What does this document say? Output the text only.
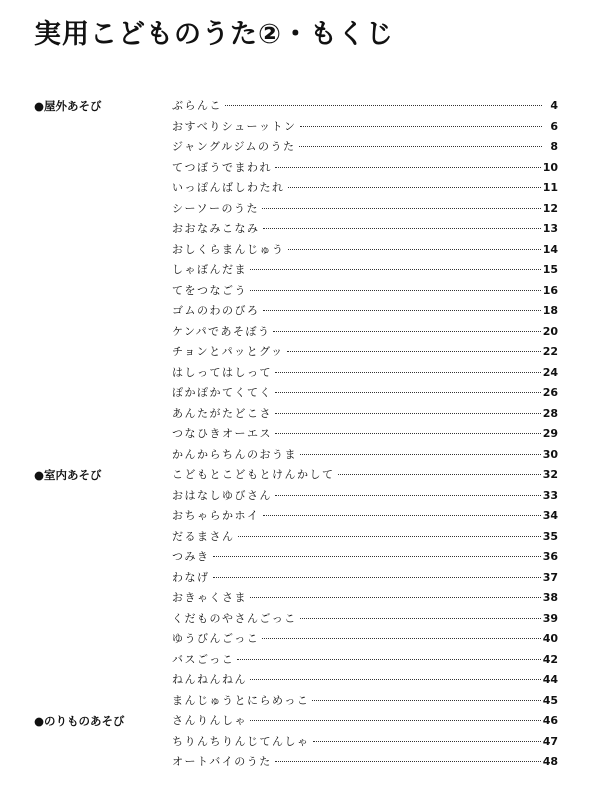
実用こどものうた②・もくじ
●屋外あそび	ぶらんこ	4
おすべりシューットン	6
ジャングルジムのうた	8
てつぼうでまわれ	10
いっぽんばしわたれ	11
シーソーのうた	12
おおなみこなみ	13
おしくらまんじゅう	14
しゃぼんだま	15
てをつなごう	16
ゴムのわのびろ	18
ケンパであそぼう	20
チョンとパッとグッ	22
はしってはしって	24
ぽかぽかてくてく	26
あんたがたどこさ	28
つなひきオーエス	29
かんからちんのおうま	30
●室内あそび	こどもとこどもとけんかして	32
おはなしゆびさん	33
おちゃらかホイ	34
だるまさん	35
つみき	36
わなげ	37
おきゃくさま	38
くだものやさんごっこ	39
ゆうびんごっこ	40
バスごっこ	42
ねんねんねん	44
まんじゅうとにらめっこ	45
●のりものあそび	さんりんしゃ	46
ちりんちりんじてんしゃ	47
オートバイのうた	48
